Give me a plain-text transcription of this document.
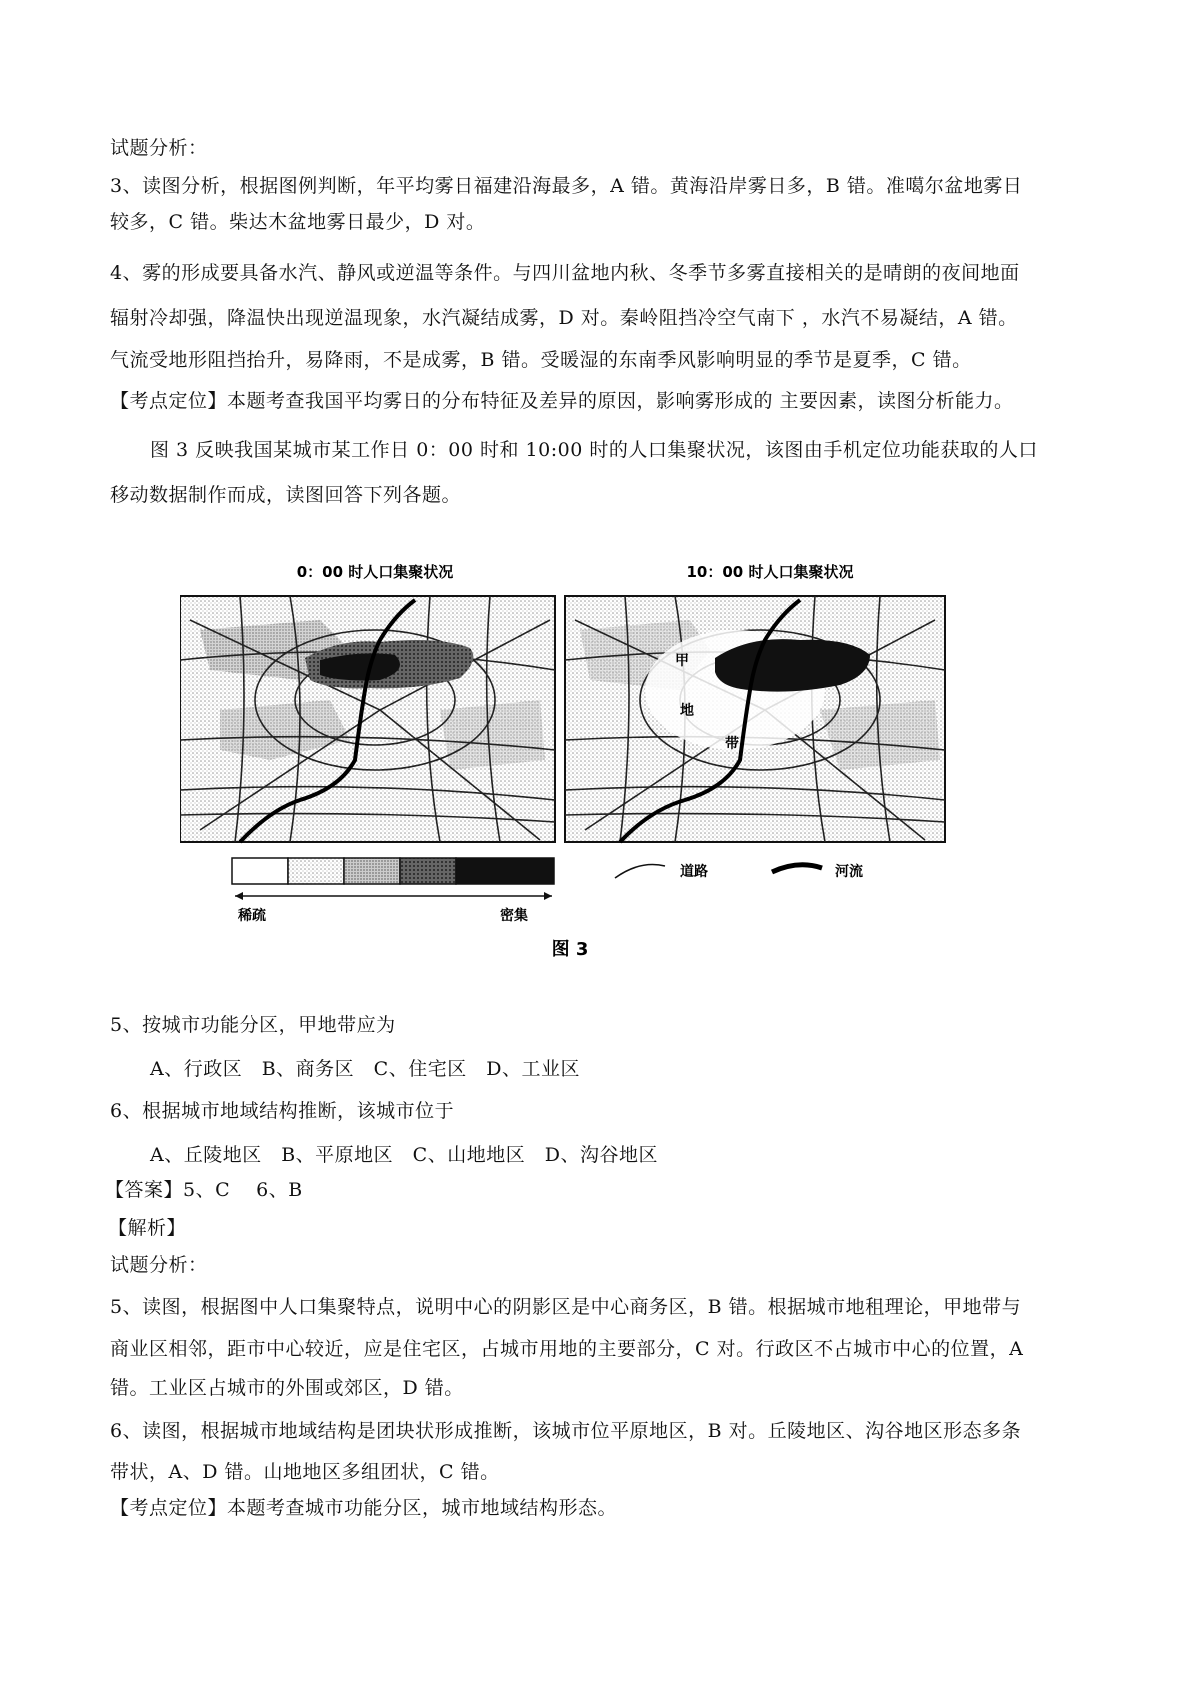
试题分析：
3、读图分析，根据图例判断，年平均雾日福建沿海最多，A 错。黄海沿岸雾日多，B 错。准噶尔盆地雾日
较多，C 错。柴达木盆地雾日最少，D 对。
4、雾的形成要具备水汽、静风或逆温等条件。与四川盆地内秋、冬季节多雾直接相关的是晴朗的夜间地面
辐射冷却强，降温快出现逆温现象，水汽凝结成雾，D 对。秦岭阻挡冷空气南下 ，水汽不易凝结，A 错。
气流受地形阻挡抬升，易降雨，不是成雾，B 错。受暖湿的东南季风影响明显的季节是夏季，C 错。
【考点定位】本题考查我国平均雾日的分布特征及差异的原因，影响雾形成的 主要因素，读图分析能力。
图 3 反映我国某城市某工作日 0：00 时和 10:00 时的人口集聚状况，该图由手机定位功能获取的人口
移动数据制作而成，读图回答下列各题。
0：00 时人口集聚状况	10：00 时人口集聚状况
甲
地
带
稀疏	密集
道路	河流
图 3
5、按城市功能分区，甲地带应为
A、行政区　B、商务区　C、住宅区　D、工业区
6、根据城市地域结构推断，该城市位于
A、丘陵地区　B、平原地区　C、山地地区　D、沟谷地区
【答案】5、C　 6、B
【解析】
试题分析：
5、读图，根据图中人口集聚特点，说明中心的阴影区是中心商务区，B 错。根据城市地租理论，甲地带与
商业区相邻，距市中心较近，应是住宅区，占城市用地的主要部分，C 对。行政区不占城市中心的位置，A
错。工业区占城市的外围或郊区，D 错。
6、读图，根据城市地域结构是团块状形成推断，该城市位平原地区，B 对。丘陵地区、沟谷地区形态多条
带状，A、D 错。山地地区多组团状，C 错。
【考点定位】本题考查城市功能分区，城市地域结构形态。
